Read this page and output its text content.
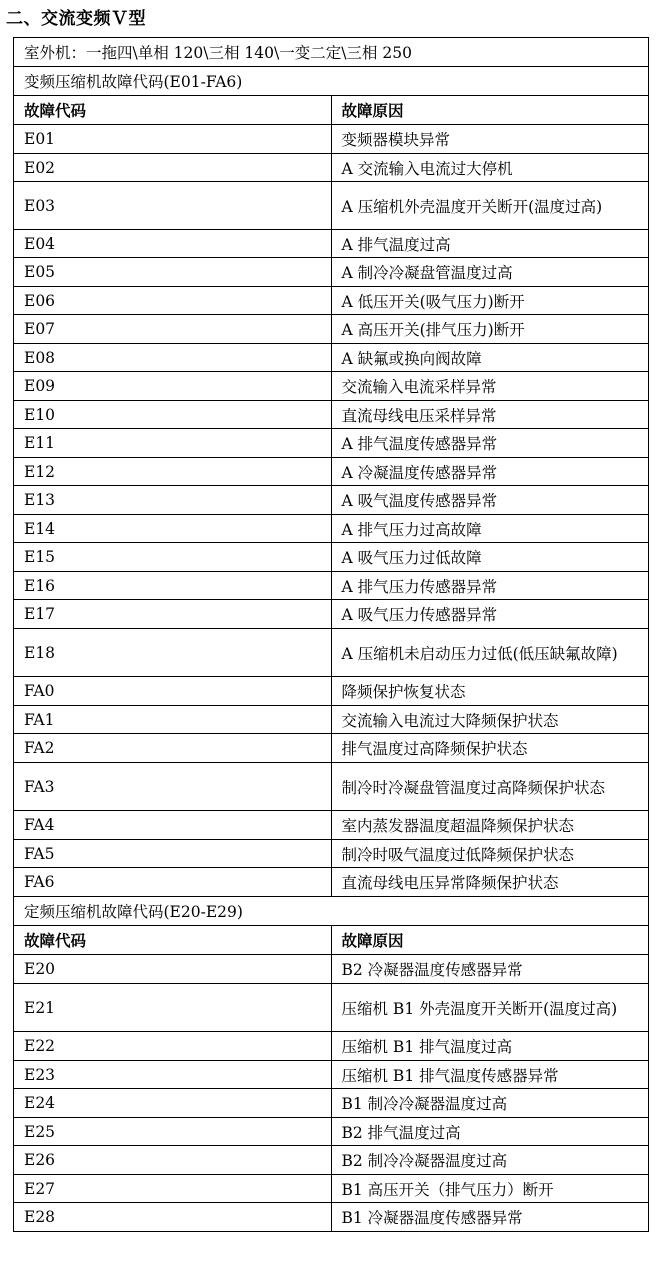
二、交流变频Ｖ型
室外机：一拖四\单相 120\三相 140\一变二定\三相 250	
变频压缩机故障代码(E01-FA6)	
故障代码	故障原因
E01	变频器模块异常
E02	A 交流输入电流过大停机
E03	A 压缩机外壳温度开关断开(温度过高)
E04	A 排气温度过高
E05	A 制冷冷凝盘管温度过高
E06	A 低压开关(吸气压力)断开
E07	A 高压开关(排气压力)断开
E08	A 缺氟或换向阀故障
E09	交流输入电流采样异常
E10	直流母线电压采样异常
E11	A 排气温度传感器异常
E12	A 冷凝温度传感器异常
E13	A 吸气温度传感器异常
E14	A 排气压力过高故障
E15	A 吸气压力过低故障
E16	A 排气压力传感器异常
E17	A 吸气压力传感器异常
E18	A 压缩机未启动压力过低(低压缺氟故障)
FA0	降频保护恢复状态
FA1	交流输入电流过大降频保护状态
FA2	排气温度过高降频保护状态
FA3	制冷时冷凝盘管温度过高降频保护状态
FA4	室内蒸发器温度超温降频保护状态
FA5	制冷时吸气温度过低降频保护状态
FA6	直流母线电压异常降频保护状态
定频压缩机故障代码(E20-E29)	
故障代码	故障原因
E20	B2 冷凝器温度传感器异常
E21	压缩机 B1 外壳温度开关断开(温度过高)
E22	压缩机 B1 排气温度过高
E23	压缩机 B1 排气温度传感器异常
E24	B1 制冷冷凝器温度过高
E25	B2 排气温度过高
E26	B2 制冷冷凝器温度过高
E27	B1 高压开关（排气压力）断开
E28	B1 冷凝器温度传感器异常
